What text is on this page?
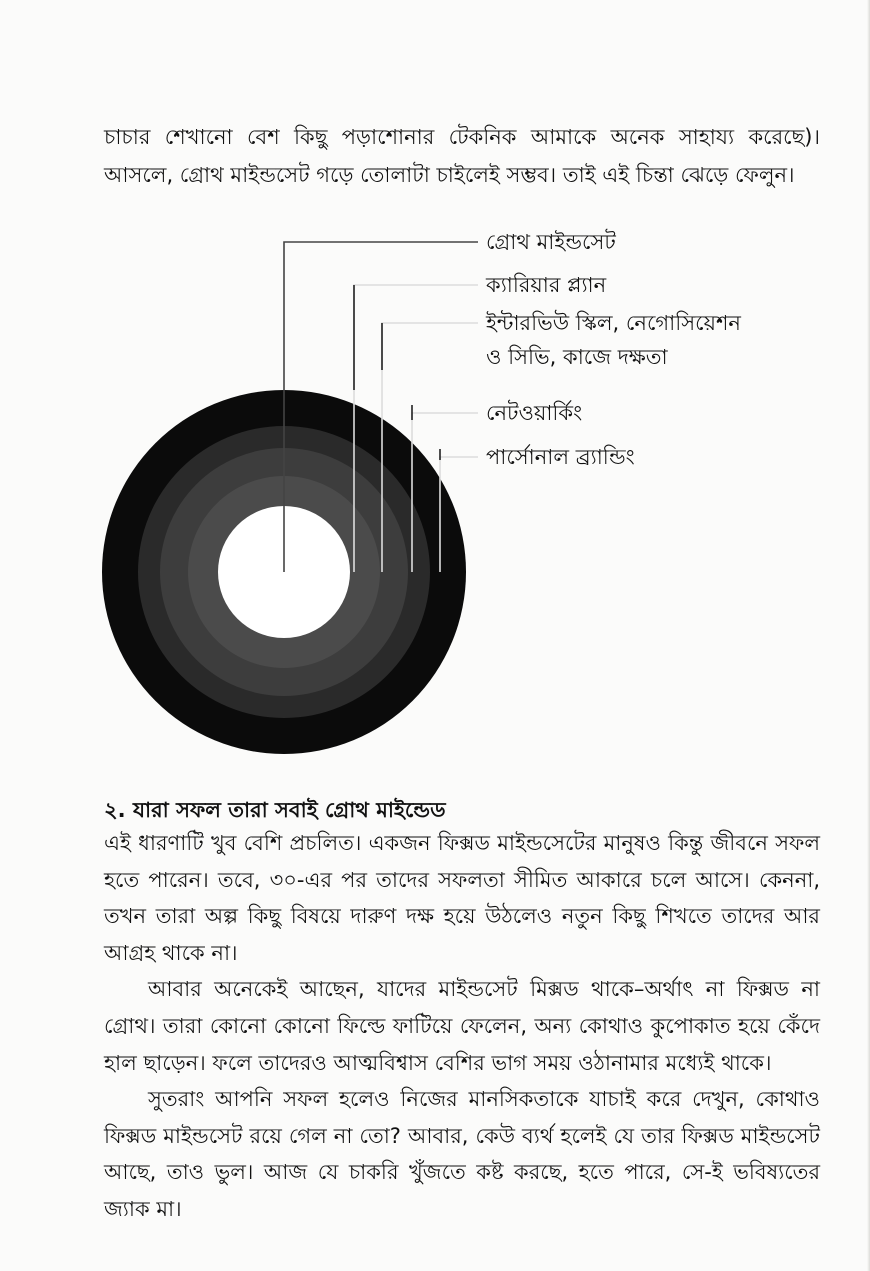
চাচার শেখানো বেশ কিছু পড়াশোনার টেকনিক আমাকে অনেক সাহায্য করেছে)। আসলে, গ্রোথ মাইন্ডসেট গড়ে তোলাটা চাইলেই সম্ভব। তাই এই চিন্তা ঝেড়ে ফেলুন।

গ্রোথ মাইন্ডসেট
ক্যারিয়ার প্ল্যান
ইন্টারভিউ স্কিল, নেগোসিয়েশন
ও সিভি, কাজে দক্ষতা
নেটওয়ার্কিং
পার্সোনাল ব্র্যান্ডিং
২. যারা সফল তারা সবাই গ্রোথ মাইন্ডেড

এই ধারণাটি খুব বেশি প্রচলিত। একজন ফিক্সড মাইন্ডসেটের মানুষও কিন্তু জীবনে সফল হতে পারেন। তবে, ৩০-এর পর তাদের সফলতা সীমিত আকারে চলে আসে। কেননা, তখন তারা অল্প কিছু বিষয়ে দারুণ দক্ষ হয়ে উঠলেও নতুন কিছু শিখতে তাদের আর আগ্রহ থাকে না।

আবার অনেকেই আছেন, যাদের মাইন্ডসেট মিক্সড থাকে–অর্থাৎ না ফিক্সড না গ্রোথ। তারা কোনো কোনো ফিল্ডে ফাটিয়ে ফেলেন, অন্য কোথাও কুপোকাত হয়ে কেঁদে হাল ছাড়েন। ফলে তাদেরও আত্মবিশ্বাস বেশির ভাগ সময় ওঠানামার মধ্যেই থাকে।

সুতরাং আপনি সফল হলেও নিজের মানসিকতাকে যাচাই করে দেখুন, কোথাও ফিক্সড মাইন্ডসেট রয়ে গেল না তো? আবার, কেউ ব্যর্থ হলেই যে তার ফিক্সড মাইন্ডসেট আছে, তাও ভুল। আজ যে চাকরি খুঁজতে কষ্ট করছে, হতে পারে, সে-ই ভবিষ্যতের জ্যাক মা।
